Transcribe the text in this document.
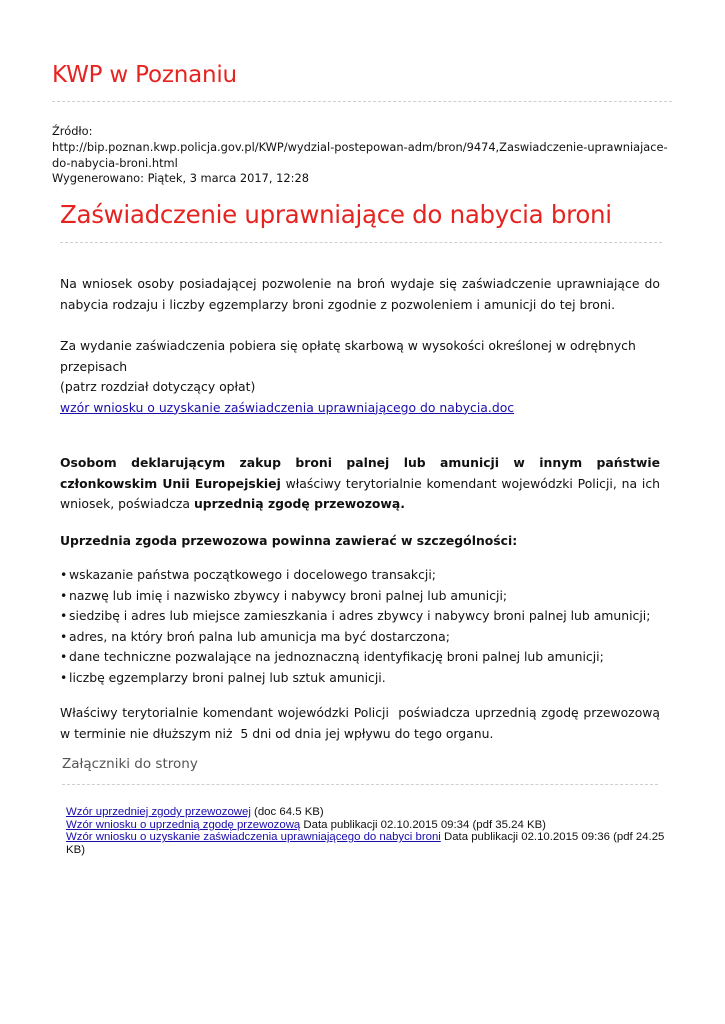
KWP w Poznaniu
Źródło:
http://bip.poznan.kwp.policja.gov.pl/KWP/wydzial-postepowan-adm/bron/9474,Zaswiadczenie-uprawniajace-do-nabycia-broni.html
Wygenerowano: Piątek, 3 marca 2017, 12:28
Zaświadczenie uprawniające do nabycia broni

Na wniosek osoby posiadającej pozwolenie na broń wydaje się zaświadczenie uprawniające do nabycia rodzaju i liczby egzemplarzy broni zgodnie z pozwoleniem i amunicji do tej broni.

Za wydanie zaświadczenia pobiera się opłatę skarbową w wysokości określonej w odrębnych przepisach
(patrz rozdział dotyczący opłat)
wzór wniosku o uzyskanie zaświadczenia uprawniającego do nabycia.doc

Osobom deklarującym zakup broni palnej lub amunicji w innym państwie członkowskim Unii Europejskiej właściwy terytorialnie komendant wojewódzki Policji, na ich wniosek, poświadcza uprzednią zgodę przewozową.

Uprzednia zgoda przewozowa powinna zawierać w szczególności:

• wskazanie państwa początkowego i docelowego transakcji;
• nazwę lub imię i nazwisko zbywcy i nabywcy broni palnej lub amunicji;
• siedzibę i adres lub miejsce zamieszkania i adres zbywcy i nabywcy broni palnej lub amunicji;
• adres, na który broń palna lub amunicja ma być dostarczona;
• dane techniczne pozwalające na jednoznaczną identyfikację broni palnej lub amunicji;
• liczbę egzemplarzy broni palnej lub sztuk amunicji.

Właściwy terytorialnie komendant wojewódzki Policji  poświadcza uprzednią zgodę przewozową w terminie nie dłuższym niż  5 dni od dnia jej wpływu do tego organu.

Załączniki do strony
Wzór uprzedniej zgody przewozowej (doc 64.5 KB)
Wzór wniosku o uprzednią zgodę przewozową Data publikacji 02.10.2015 09:34 (pdf 35.24 KB)
Wzór wniosku o uzyskanie zaświadczenia uprawniającego do nabyci broni Data publikacji 02.10.2015 09:36 (pdf 24.25 KB)
